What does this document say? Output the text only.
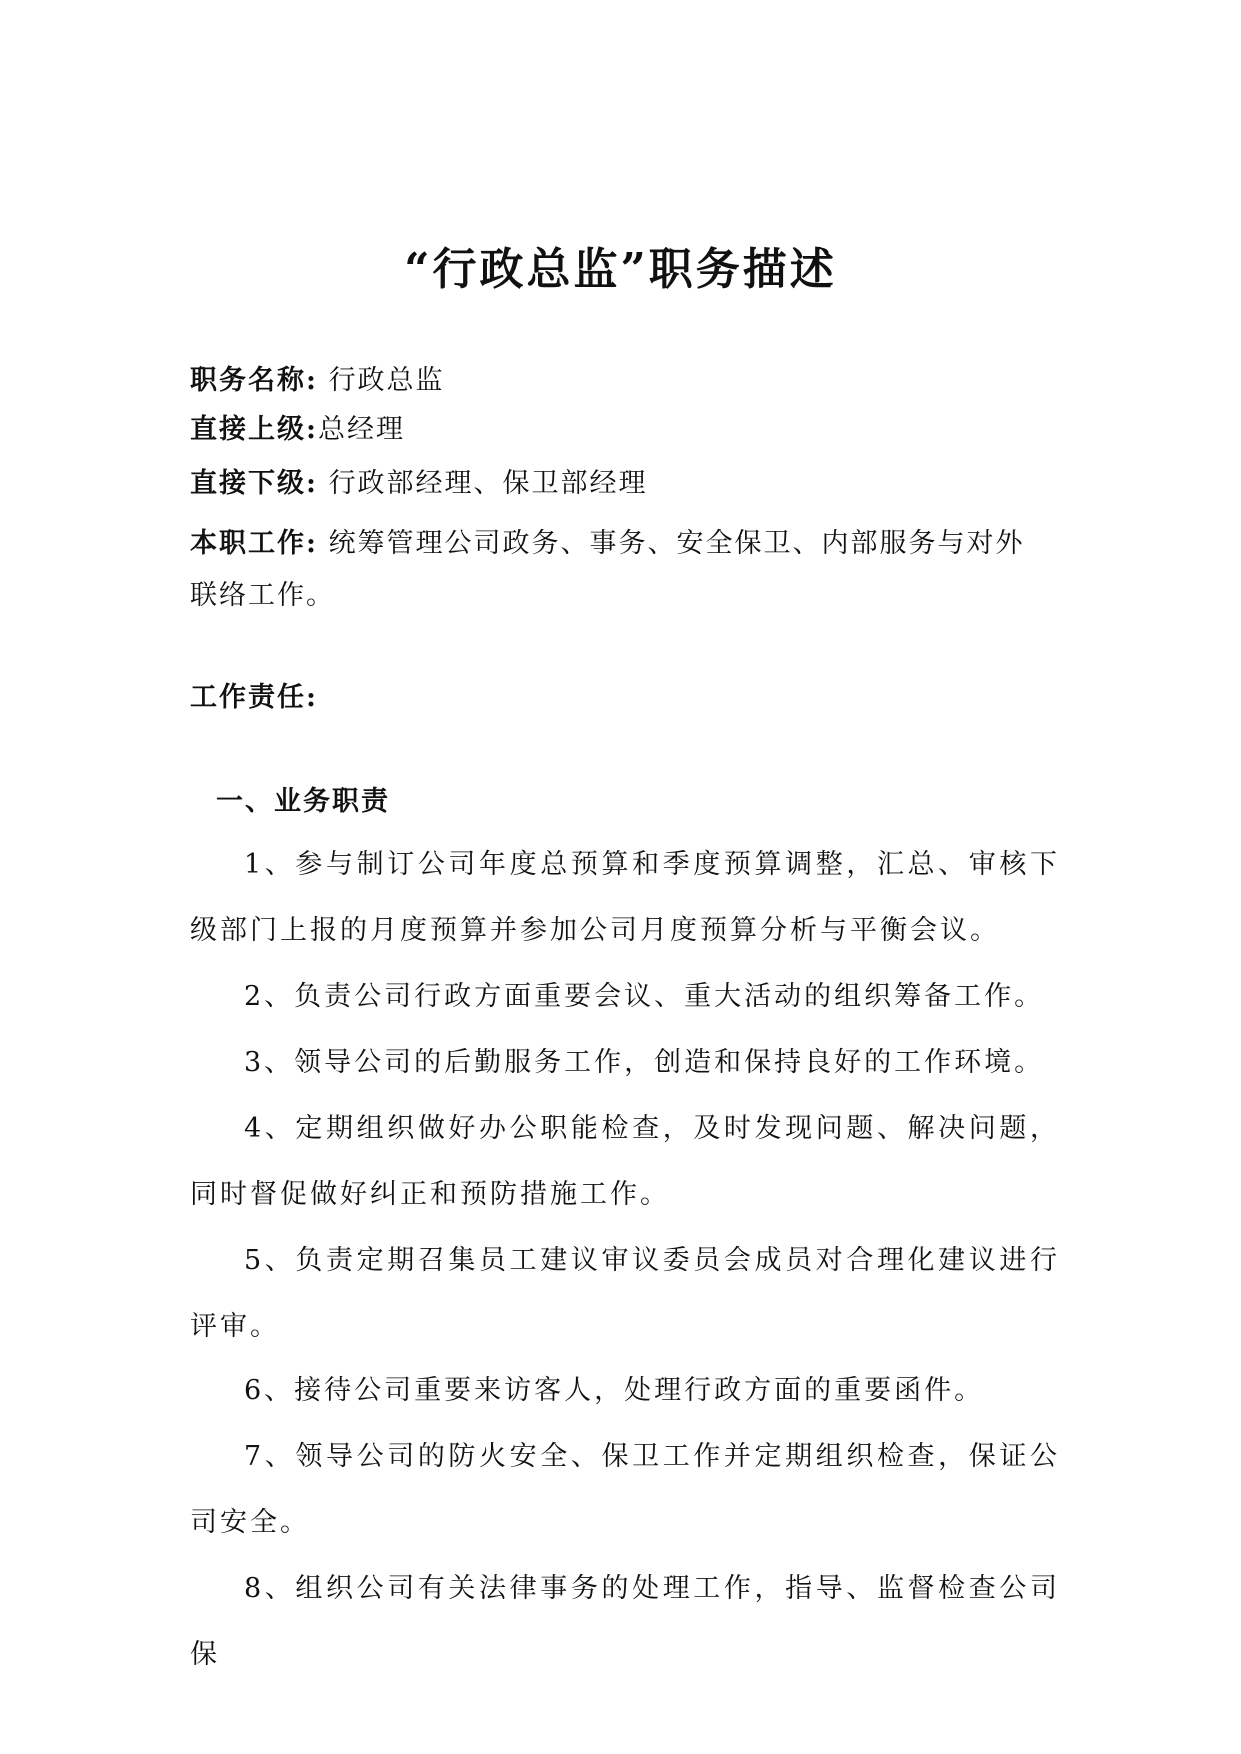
“行政总监”职务描述
职务名称: 行政总监
直接上级:总经理
直接下级: 行政部经理、保卫部经理
本职工作: 统筹管理公司政务、事务、安全保卫、内部服务与对外联络工作。
工作责任:
一、业务职责
1、参与制订公司年度总预算和季度预算调整，汇总、审核下级部门上报的月度预算并参加公司月度预算分析与平衡会议。
2、负责公司行政方面重要会议、重大活动的组织筹备工作。
3、领导公司的后勤服务工作，创造和保持良好的工作环境。
4、定期组织做好办公职能检查，及时发现问题、解决问题，同时督促做好纠正和预防措施工作。
5、负责定期召集员工建议审议委员会成员对合理化建议进行评审。
6、接待公司重要来访客人，处理行政方面的重要函件。
7、领导公司的防火安全、保卫工作并定期组织检查，保证公司安全。
8、组织公司有关法律事务的处理工作，指导、监督检查公司保
